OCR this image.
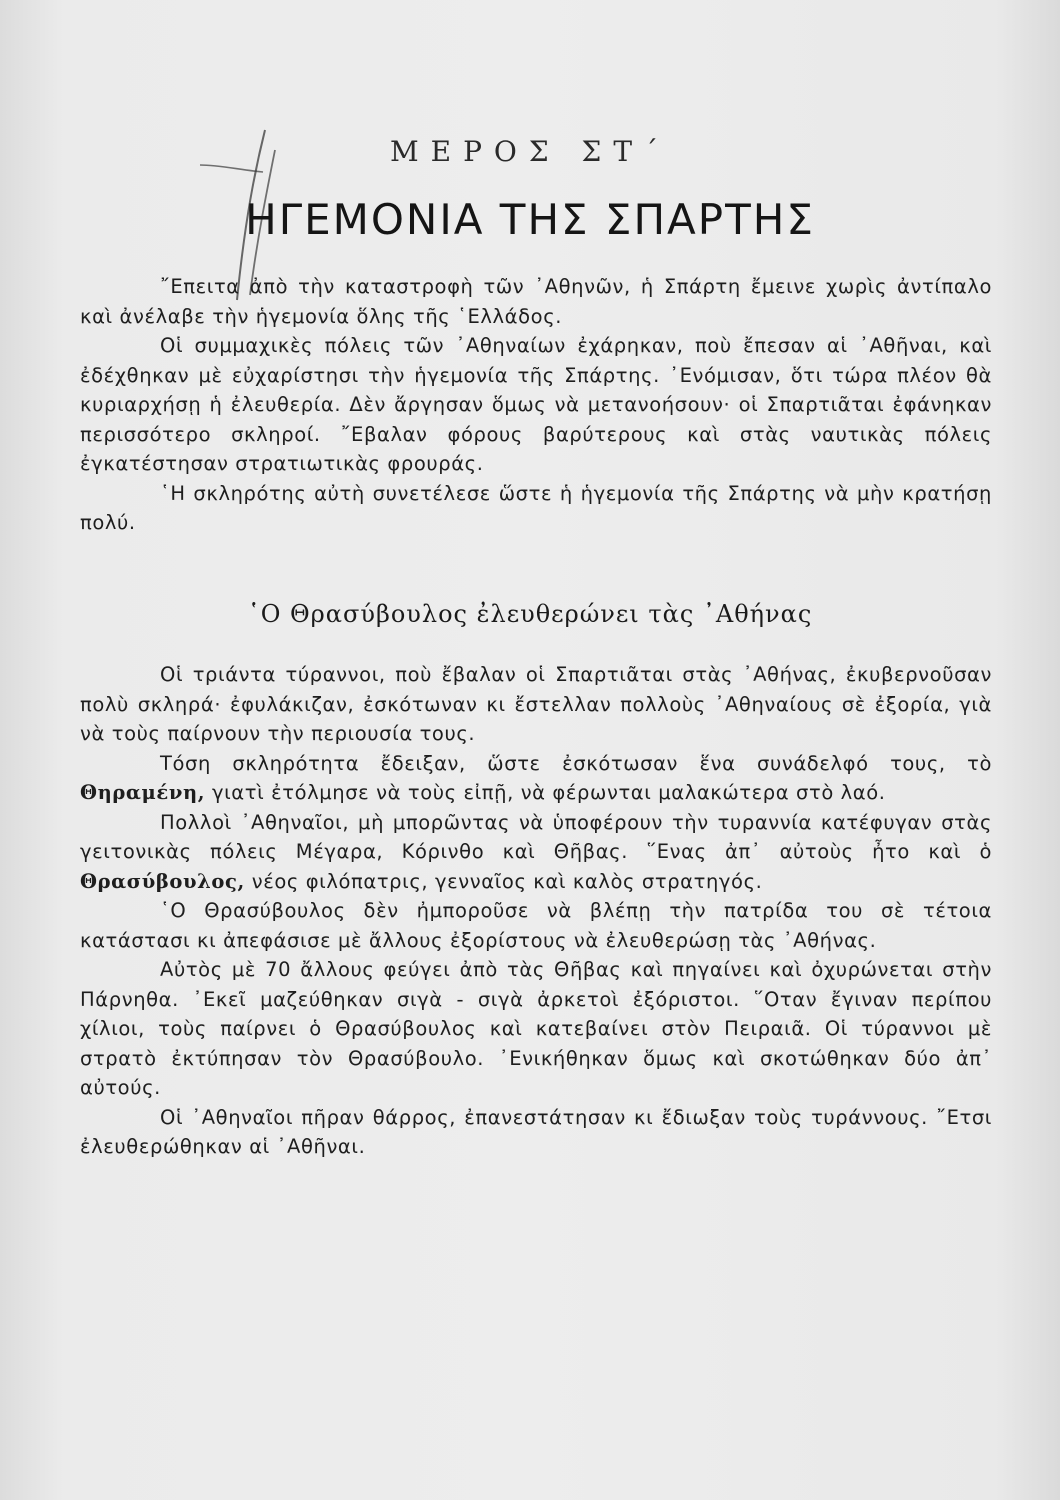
ΜΕΡΟΣ ΣΤ΄
ΗΓΕΜΟΝΙΑ ΤΗΣ ΣΠΑΡΤΗΣ

῎Επειτα ἀπὸ τὴν καταστροφὴ τῶν ᾿Αθηνῶν, ἡ Σπάρτη ἔμεινε χωρὶς ἀντίπαλο καὶ ἀνέλαβε τὴν ἡγεμονία ὅλης τῆς ῾Ελλάδος.

Οἱ συμμαχικὲς πόλεις τῶν ᾿Αθηναίων ἐχάρηκαν, ποὺ ἔπεσαν αἱ ᾿Αθῆναι, καὶ ἐδέχθηκαν μὲ εὐχαρίστησι τὴν ἡγεμονία τῆς Σπάρτης. ᾿Ενόμισαν, ὅτι τώρα πλέον θὰ κυριαρχήσῃ ἡ ἐλευθερία. Δὲν ἄργησαν ὅμως νὰ μετανοήσουν· οἱ Σπαρτιᾶται ἐφάνηκαν περισσότερο σκληροί. ῎Εβαλαν φόρους βαρύτερους καὶ στὰς ναυτικὰς πόλεις ἐγκατέστησαν στρατιωτικὰς φρουράς.

῾Η σκληρότης αὐτὴ συνετέλεσε ὥστε ἡ ἡγεμονία τῆς Σπάρτης νὰ μὴν κρατήσῃ πολύ.

῾Ο Θρασύβουλος ἐλευθερώνει τὰς ᾿Αθήνας

Οἱ τριάντα τύραννοι, ποὺ ἔβαλαν οἱ Σπαρτιᾶται στὰς ᾿Αθήνας, ἐκυβερνοῦσαν πολὺ σκληρά· ἐφυλάκιζαν, ἐσκότωναν κι ἔστελλαν πολλοὺς ᾿Αθηναίους σὲ ἐξορία, γιὰ νὰ τοὺς παίρνουν τὴν περιουσία τους.

Τόση σκληρότητα ἔδειξαν, ὥστε ἐσκότωσαν ἕνα συνάδελφό τους, τὸ Θηραμένη, γιατὶ ἐτόλμησε νὰ τοὺς εἰπῇ, νὰ φέρωνται μαλακώτερα στὸ λαό.

Πολλοὶ ᾿Αθηναῖοι, μὴ μπορῶντας νὰ ὑποφέρουν τὴν τυραννία κατέφυγαν στὰς γειτονικὰς πόλεις Μέγαρα, Κόρινθο καὶ Θῆβας. ῞Ενας ἀπ᾿ αὐτοὺς ἦτο καὶ ὁ Θρασύβουλος, νέος φιλόπατρις, γενναῖος καὶ καλὸς στρατηγός.

῾Ο Θρασύβουλος δὲν ἠμποροῦσε νὰ βλέπῃ τὴν πατρίδα του σὲ τέτοια κατάστασι κι ἀπεφάσισε μὲ ἄλλους ἐξορίστους νὰ ἐλευθερώσῃ τὰς ᾿Αθήνας.

Αὐτὸς μὲ 70 ἄλλους φεύγει ἀπὸ τὰς Θῆβας καὶ πηγαίνει καὶ ὀχυρώνεται στὴν Πάρνηθα. ᾿Εκεῖ μαζεύθηκαν σιγὰ - σιγὰ ἀρκετοὶ ἐξόριστοι. ῞Οταν ἔγιναν περίπου χίλιοι, τοὺς παίρνει ὁ Θρασύβουλος καὶ κατεβαίνει στὸν Πειραιᾶ. Οἱ τύραννοι μὲ στρατὸ ἐκτύπησαν τὸν Θρασύβουλο. ᾿Ενικήθηκαν ὅμως καὶ σκοτώθηκαν δύο ἀπ᾿ αὐτούς.

Οἱ ᾿Αθηναῖοι πῆραν θάρρος, ἐπανεστάτησαν κι ἔδιωξαν τοὺς τυράννους. ῎Ετσι ἐλευθερώθηκαν αἱ ᾿Αθῆναι.
